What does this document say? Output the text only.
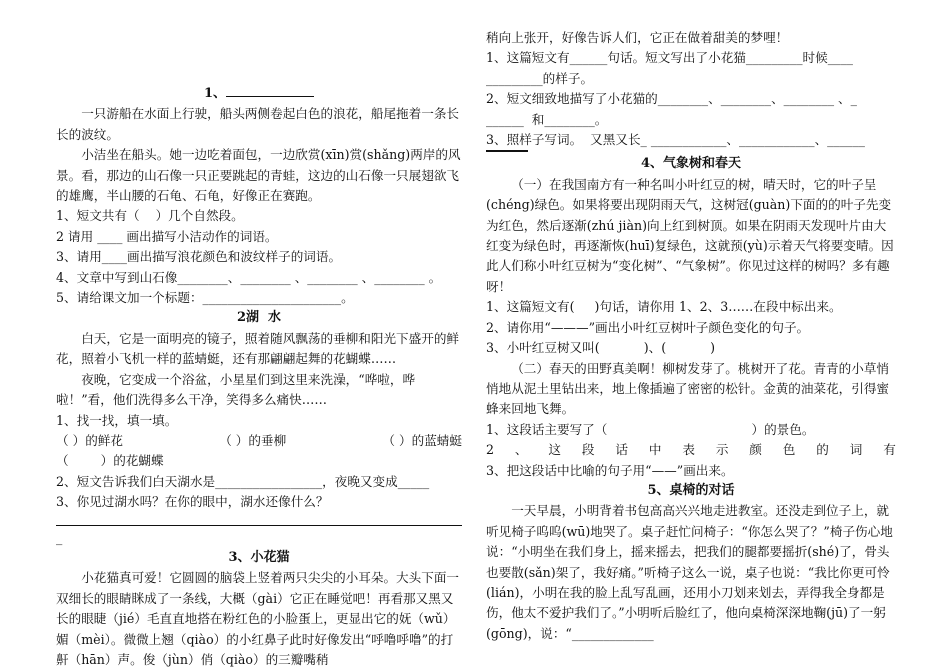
1、

一只游船在水面上行驶，船头两侧卷起白色的浪花，船尾拖着一条长长的波纹。

小洁坐在船头。她一边吃着面包，一边欣赏(xīn)赏(shǎng)两岸的风景。看，那边的山石像一只正要跳起的青蛙，这边的山石像一只展翅欲飞的雄鹰，半山腰的石龟、石龟，好像正在赛跑。

1、短文共有（    ）几个自然段。

2 请用 ____ 画出描写小洁动作的词语。

3、请用____画出描写浪花颜色和波纹样子的词语。

4、文章中写到山石像________、________ 、________ 、________ 。

5、请给课文加一个标题：______________________。

2湖  水

白天，它是一面明亮的镜子，照着随风飘荡的垂柳和阳光下盛开的鲜花，照着小飞机一样的蓝蜻蜓，还有那翩翩起舞的花蝴蝶……

夜晚，它变成一个浴盆，小星星们到这里来洗澡，“哗啦，哗啦！”看，他们洗得多么干净，笑得多么痛快……

1、找一找，填一填。

（ ）的鲜花	（ ）的垂柳	（ ）的蓝蜻蜓

（        ）的花蝴蝶

2、短文告诉我们白天湖水是_________________，夜晚又变成_____

3、你见过湖水吗？在你的眼中，湖水还像什么？

_

3、小花猫

小花猫真可爱！它圆圆的脑袋上竖着两只尖尖的小耳朵。大头下面一双细长的眼睛眯成了一条线，大概（gài）它正在睡觉吧！再看那又黑又长的眼睫（jié）毛直直地搭在粉红色的小脸蛋上，更显出它的妩（wǔ）媚（mèi）。微微上翘（qiào）的小红鼻子此时好像发出“呼噜呼噜”的打鼾（hān）声。俊（jùn）俏（qiào）的三瓣嘴稍

稍向上张开，好像告诉人们，它正在做着甜美的梦哩！

1、这篇短文有______句话。短文写出了小花猫_________时候____

_________的样子。

2、短文细致地描写了小花猫的________、________、________ 、_

______  和________。

3、照样子写词。  又黑又长_ ____________、____________、______

4、气象树和春天

（一）在我国南方有一种名叫小叶红豆的树，晴天时，它的叶子呈(chéng)绿色。如果将要出现阴雨天气，这树冠(guàn)下面的的叶子先变为红色，然后逐渐(zhú jiàn)向上红到树顶。如果在阴雨天发现叶片由大红变为绿色时，再逐渐恢(huī)复绿色，这就预(yù)示着天气将要变晴。因此人们称小叶红豆树为“变化树”、“气象树”。你见过这样的树吗？多有趣呀！

1、这篇短文有(     )句话，请你用 1、2、3……在段中标出来。

2、请你用“———”画出小叶红豆树叶子颜色变化的句子。

3、小叶红豆树又叫(           )、(           )

（二）春天的田野真美啊！柳树发芽了。桃树开了花。青青的小草悄悄地从泥土里钻出来，地上像插遍了密密的松针。金黄的油菜花，引得蜜蜂来回地飞舞。

1、这段话主要写了（                                    ）的景色。

2 、 这 段 话 中 表 示 颜 色 的 词 有

3、把这段话中比喻的句子用“——”画出来。

5、桌椅的对话

一天早晨，小明背着书包高高兴兴地走进教室。还没走到位子上，就听见椅子呜呜(wū)地哭了。桌子赶忙问椅子：“你怎么哭了？”椅子伤心地说：“小明坐在我们身上，摇来摇去，把我们的腿都要摇折(shé)了，骨头也要散(sǎn)架了，我好痛。”听椅子这么一说，桌子也说：“我比你更可怜(lián)，小明在我的脸上乱写乱画，还用小刀划来划去，弄得我全身都是伤，他太不爱护我们了。”小明听后脸红了，他向桌椅深深地鞠(jū)了一躬(gōng)，说：“_____________
